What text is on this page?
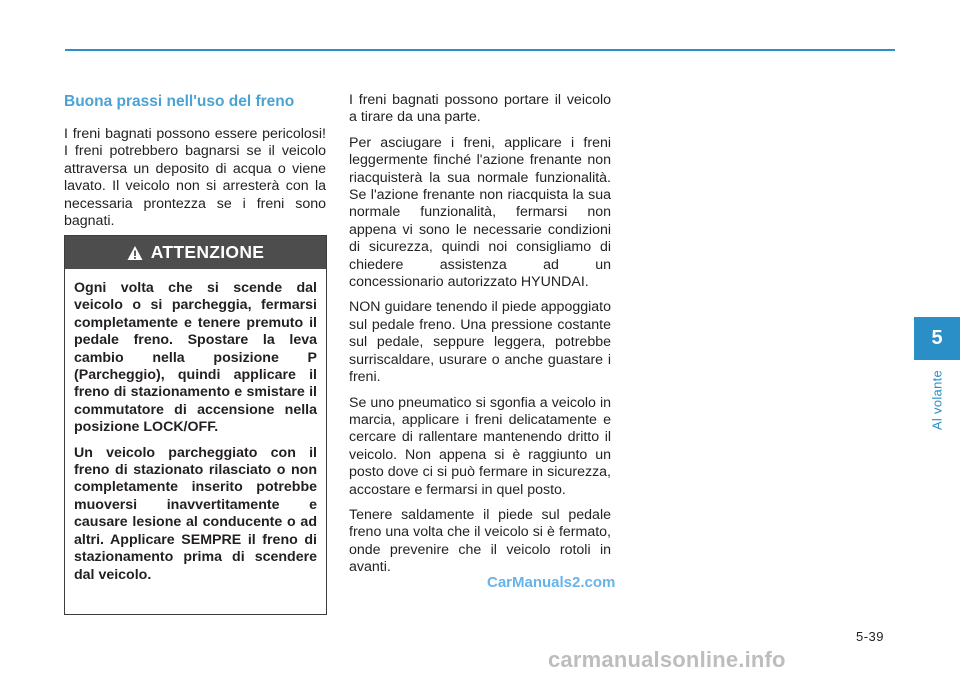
Buona prassi nell'uso del freno

I freni bagnati possono essere pericolosi! I freni potrebbero bagnarsi se il veicolo attraversa un deposito di acqua o viene lavato. Il veicolo non si arresterà con la necessaria prontezza se i freni sono bagnati.

ATTENZIONE

Ogni volta che si scende dal veicolo o si parcheggia, fermarsi completamente e tenere premuto il pedale freno. Spostare la leva cambio nella posizione P (Parcheggio), quindi applicare il freno di stazionamento e smistare il commutatore di accensione nella posizione LOCK/OFF.

Un veicolo parcheggiato con il freno di stazionato rilasciato o non completamente inserito potrebbe muoversi inavvertitamente e causare lesione al conducente o ad altri. Applicare SEMPRE il freno di stazionamento prima di scendere dal veicolo.

I freni bagnati possono portare il veicolo a tirare da una parte.

Per asciugare i freni, applicare i freni leggermente finché l'azione frenante non riacquisterà la sua normale funzionalità. Se l'azione frenante non riacquista la sua normale funzionalità, fermarsi non appena vi sono le necessarie condizioni di sicurezza, quindi noi consigliamo di chiedere assistenza ad un concessionario autorizzato HYUNDAI.

NON guidare tenendo il piede appoggiato sul pedale freno. Una pressione costante sul pedale, seppure leggera, potrebbe surriscaldare, usurare o anche guastare i freni.

Se uno pneumatico si sgonfia a veicolo in marcia, applicare i freni delicatamente e cercare di rallentare mantenendo dritto il veicolo. Non appena si è raggiunto un posto dove ci si può fermare in sicurezza, accostare e fermarsi in quel posto.

Tenere saldamente il piede sul pedale freno una volta che il veicolo si è fermato, onde prevenire che il veicolo rotoli in avanti.

5
Al volante
5-39
CarManuals2.com
carmanualsonline.info
